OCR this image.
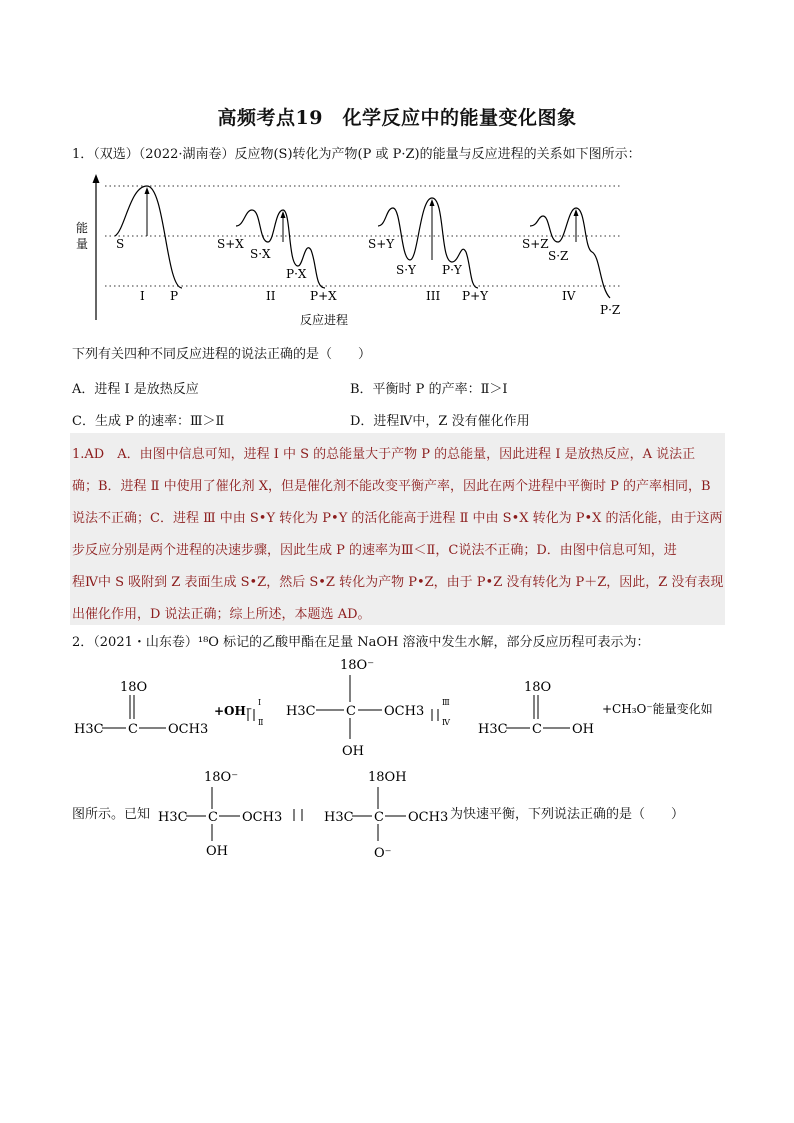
高频考点19　化学反应中的能量变化图象
1．（双选）（2022·湖南卷）反应物(S)转化为产物(P 或 P·Z)的能量与反应进程的关系如下图所示：
能
量
反应进程
S
P
I
S+X
S·X
P·X
P+X
II
S+Y
S·Y P·Y
P+Y
III
S+Z
S·Z
IV
P·Z
下列有关四种不同反应进程的说法正确的是（　　）
A．进程 Ⅰ 是放热反应	B．平衡时 P 的产率：Ⅱ＞Ⅰ
C．生成 P 的速率：Ⅲ＞Ⅱ	D．进程Ⅳ中，Z 没有催化作用
1.AD　A．由图中信息可知，进程 Ⅰ 中 S 的总能量大于产物 P 的总能量，因此进程 I 是放热反应，A 说法正
确；B．进程 Ⅱ 中使用了催化剂 X，但是催化剂不能改变平衡产率，因此在两个进程中平衡时 P 的产率相同，B
说法不正确；C．进程 Ⅲ 中由 S•Y 转化为 P•Y 的活化能高于进程 Ⅱ 中由 S•X 转化为 P•X 的活化能，由于这两
步反应分别是两个进程的决速步骤，因此生成 P 的速率为Ⅲ＜Ⅱ，C说法不正确；D．由图中信息可知，进
程Ⅳ中 S 吸附到 Z 表面生成 S•Z，然后 S•Z 转化为产物 P•Z，由于 P•Z 没有转化为 P＋Z，因此，Z 没有表现
出催化作用，D 说法正确；综上所述，本题选 AD。
2．（2021・山东卷）¹⁸O 标记的乙酸甲酯在足量 NaOH 溶液中发生水解，部分反应历程可表示为：
18O
H3C C OCH3
+OH⁻
Ⅰ
Ⅱ
18O⁻
H3C C OCH3
OH
Ⅲ
Ⅳ
18O
H3C C OH
+CH₃O⁻能量变化如
图所示。已知
18O⁻
H3C C OCH3
OH
18OH
H3C C OCH3
O⁻
为快速平衡，下列说法正确的是（　　）
